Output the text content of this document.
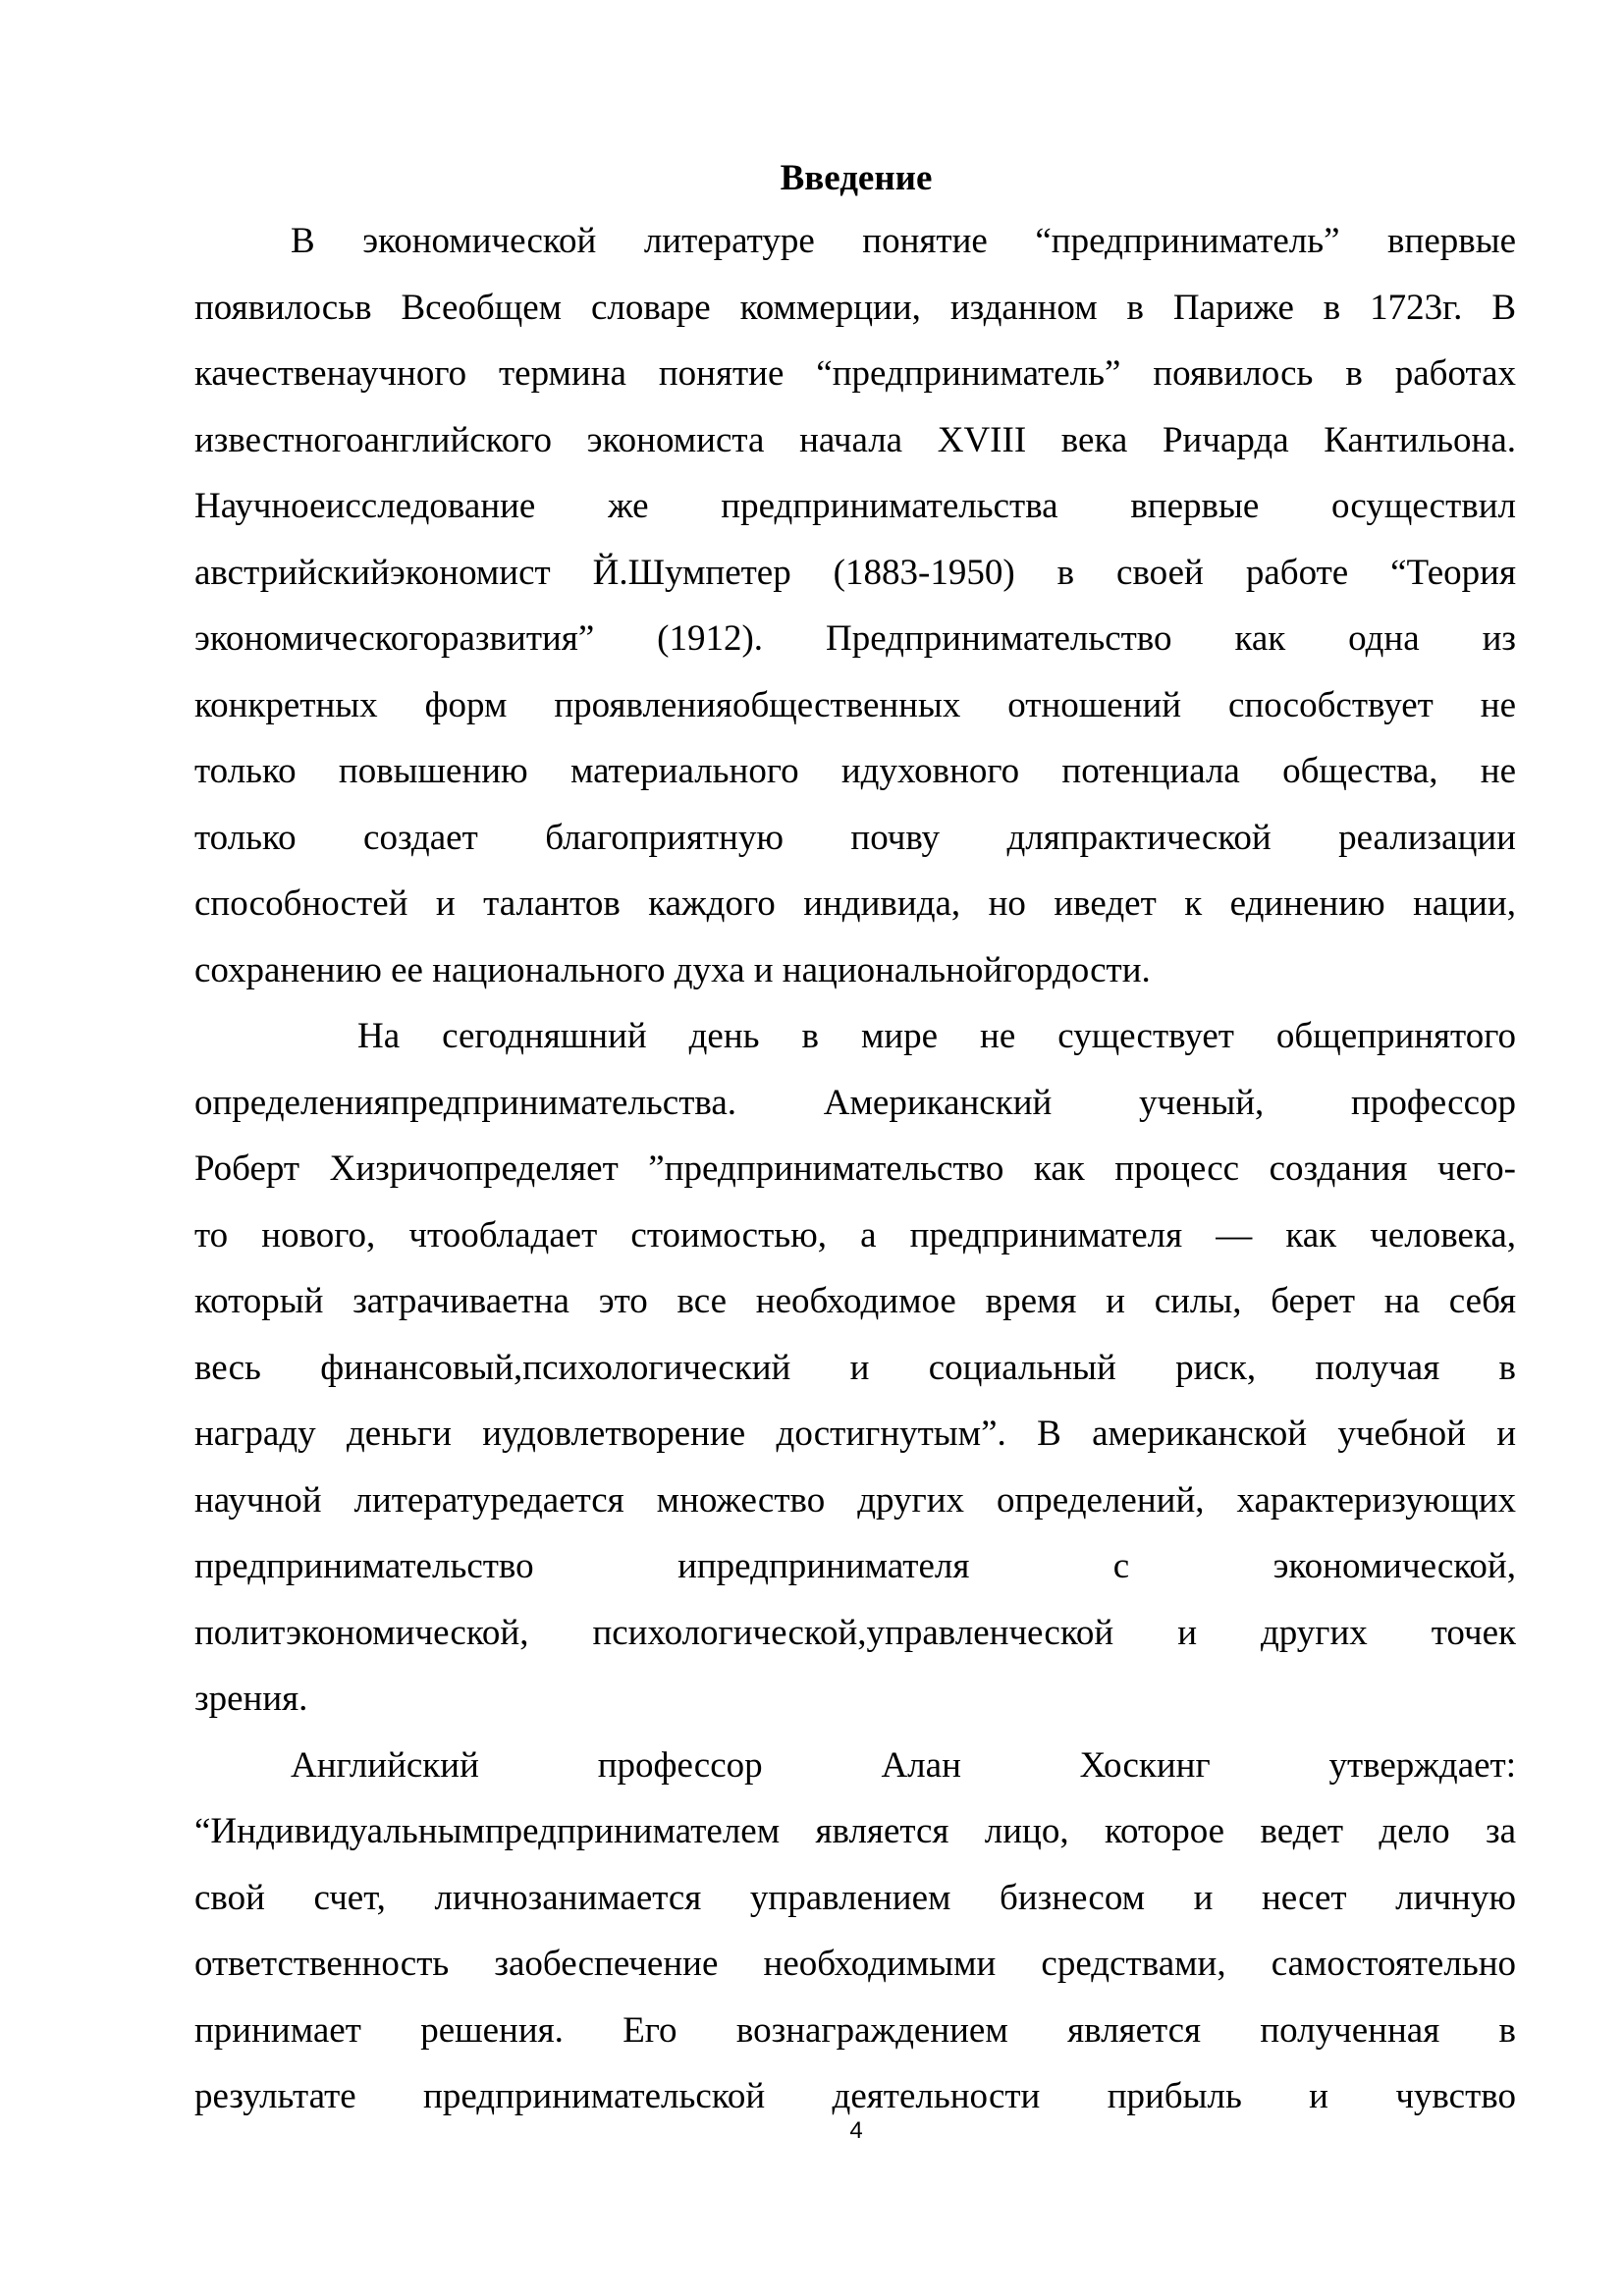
Введение
В экономической литературе понятие “предприниматель” впервые
появилосьв Всеобщем словаре коммерции, изданном в Париже в 1723г. В
качественаучного термина понятие “предприниматель” появилось в работах
известногоанглийского экономиста начала XVIII века Ричарда Кантильона.
Научноеисследование же предпринимательства впервые осуществил
австрийскийэкономист Й.Шумпетер (1883-1950) в своей работе “Теория
экономическогоразвития” (1912). Предпринимательство как одна из
конкретных форм проявленияобщественных отношений способствует не
только повышению материального идуховного потенциала общества, не
только создает благоприятную почву дляпрактической реализации
способностей и талантов каждого индивида, но иведет к единению нации,
сохранению ее национального духа и национальнойгордости.
На сегодняшний день в мире не существует общепринятого
определенияпредпринимательства. Американский ученый, профессор
Роберт Хизричопределяет ”предпринимательство как процесс создания чего-
то нового, чтообладает стоимостью, а предпринимателя — как человека,
который затрачиваетна это все необходимое время и силы, берет на себя
весь финансовый,психологический и социальный риск, получая в
награду деньги иудовлетворение достигнутым”. В американской учебной и
научной литературедается множество других определений, характеризующих
предпринимательство ипредпринимателя с экономической,
политэкономической, психологической,управленческой и других точек
зрения.
Английский профессор Алан Хоскинг утверждает:
“Индивидуальнымпредпринимателем является лицо, которое ведет дело за
свой счет, личнозанимается управлением бизнесом и несет личную
ответственность заобеспечение необходимыми средствами, самостоятельно
принимает решения. Его вознаграждением является полученная в
результате предпринимательской деятельности прибыль и чувство
4
